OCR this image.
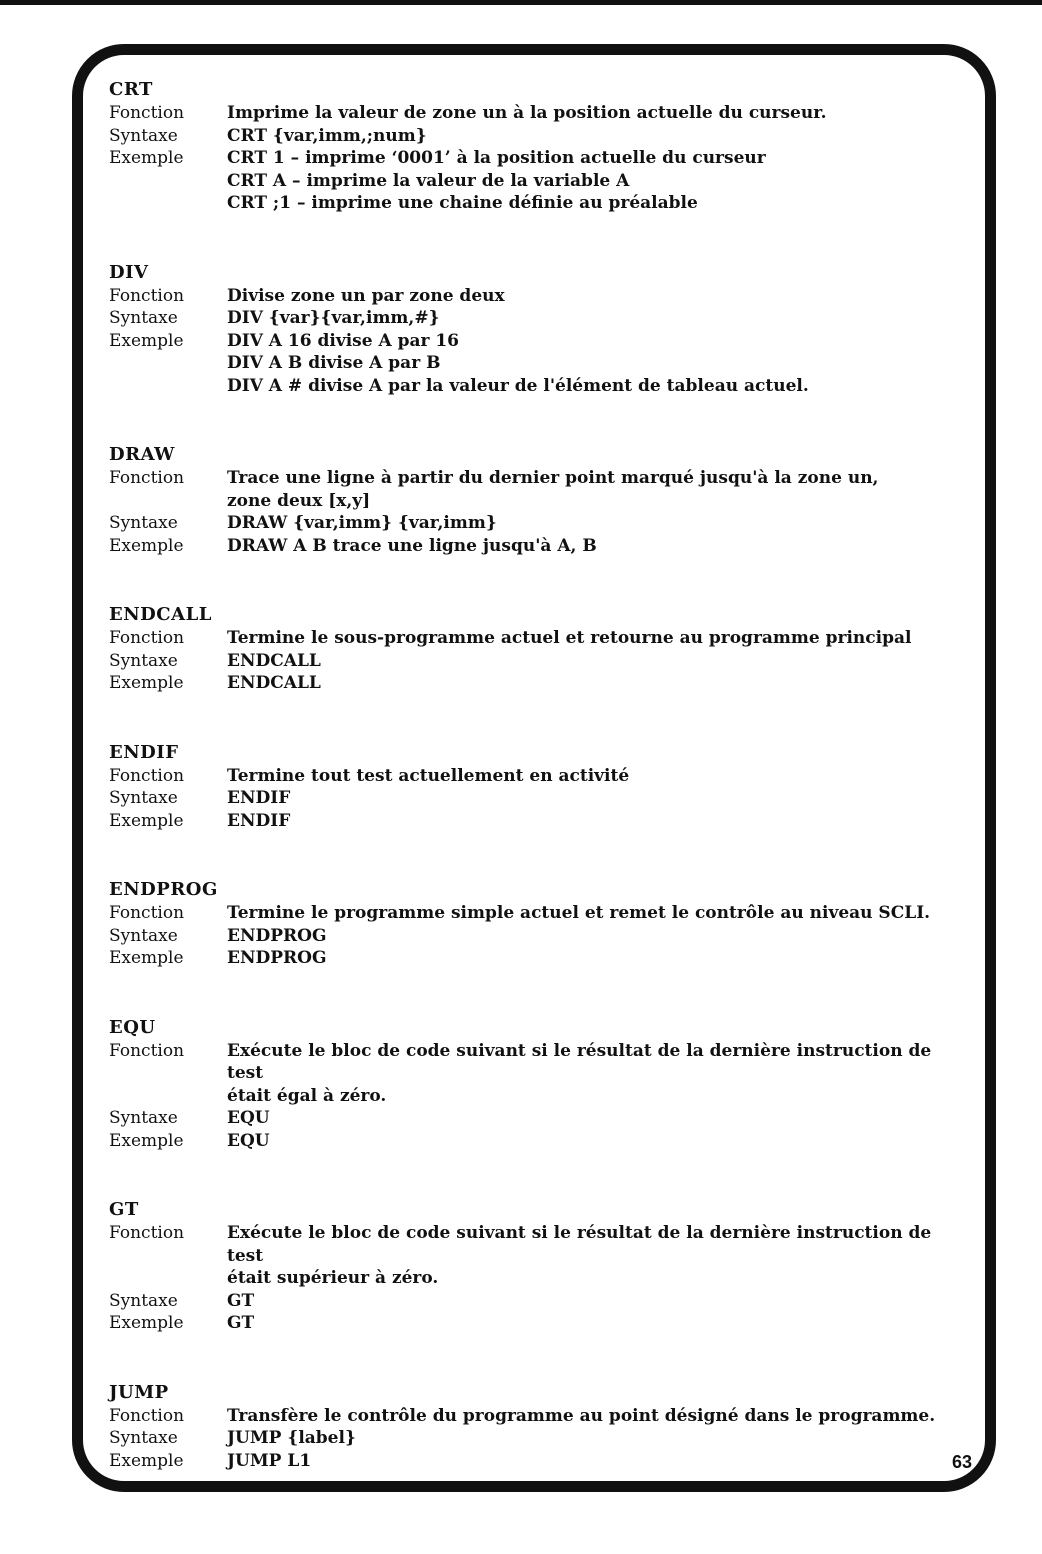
CRT
Fonction	Imprime la valeur de zone un à la position actuelle du curseur.
Syntaxe	CRT {var,imm,;num}
Exemple	CRT 1 – imprime ‘0001’ à la position actuelle du curseur
CRT A – imprime la valeur de la variable A
CRT ;1 – imprime une chaine définie au préalable
DIV
Fonction	Divise zone un par zone deux
Syntaxe	DIV {var}{var,imm,#}
Exemple	DIV A 16 divise A par 16
DIV A B divise A par B
DIV A # divise A par la valeur de l'élément de tableau actuel.
DRAW
Fonction	Trace une ligne à partir du dernier point marqué jusqu'à la zone un,
zone deux [x,y]
Syntaxe	DRAW {var,imm} {var,imm}
Exemple	DRAW A B trace une ligne jusqu'à A, B
ENDCALL
Fonction	Termine le sous-programme actuel et retourne au programme principal
Syntaxe	ENDCALL
Exemple	ENDCALL
ENDIF
Fonction	Termine tout test actuellement en activité
Syntaxe	ENDIF
Exemple	ENDIF
ENDPROG
Fonction	Termine le programme simple actuel et remet le contrôle au niveau SCLI.
Syntaxe	ENDPROG
Exemple	ENDPROG
EQU
Fonction	Exécute le bloc de code suivant si le résultat de la dernière instruction de test
était égal à zéro.
Syntaxe	EQU
Exemple	EQU
GT
Fonction	Exécute le bloc de code suivant si le résultat de la dernière instruction de test
était supérieur à zéro.
Syntaxe	GT
Exemple	GT
JUMP
Fonction	Transfère le contrôle du programme au point désigné dans le programme.
Syntaxe	JUMP {label}
Exemple	JUMP L1	63
